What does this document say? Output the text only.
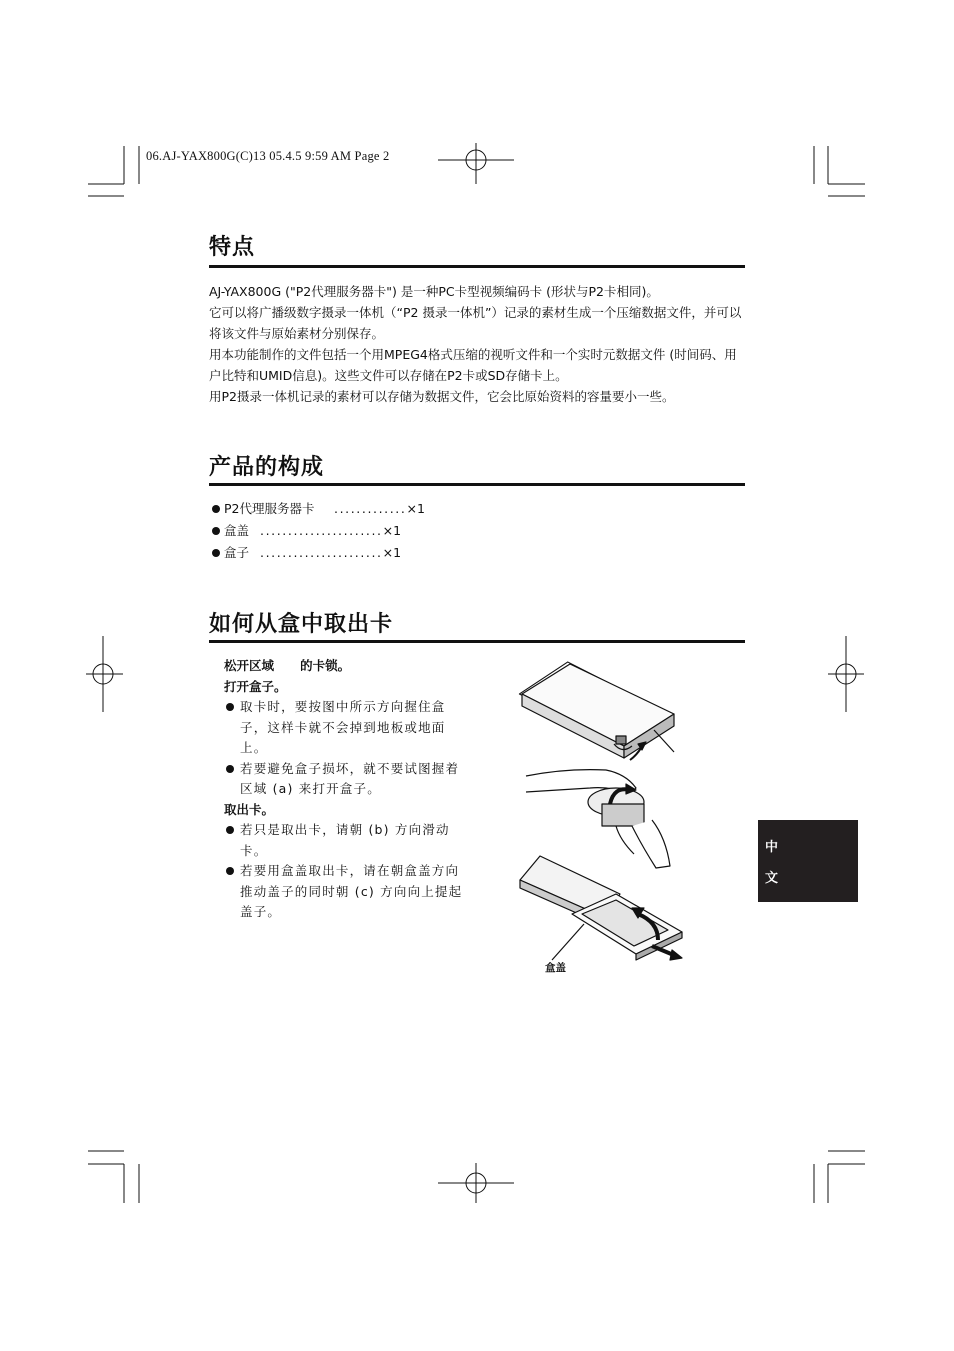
06.AJ-YAX800G(C)13 05.4.5 9:59 AM Page 2
特点

AJ-YAX800G ("P2代理服务器卡") 是一种PC卡型视频编码卡 (形状与P2卡相同)。

它可以将广播级数字摄录一体机（“P2 摄录一体机”）记录的素材生成一个压缩数据文件，并可以将该文件与原始素材分别保存。

用本功能制作的文件包括一个用MPEG4格式压缩的视听文件和一个实时元数据文件 (时间码、用户比特和UMID信息)。这些文件可以存储在P2卡或SD存储卡上。

用P2摄录一体机记录的素材可以存储为数据文件，它会比原始资料的容量要小一些。

产品的构成
P2代理服务器卡	............. ×1
盒盖 ...................... ×1
盒子 ...................... ×1
如何从盒中取出卡

松开区域      的卡锁。

打开盒子。

取卡时，要按图中所示方向握住盒子，这样卡就不会掉到地板或地面上。

若要避免盒子损坏，就不要试图握着区域 (a) 来打开盒子。

取出卡。

若只是取出卡，请朝 (b) 方向滑动卡。

若要用盒盖取出卡，请在朝盒盖方向推动盖子的同时朝 (c) 方向向上提起盖子。

盒盖
中
文
